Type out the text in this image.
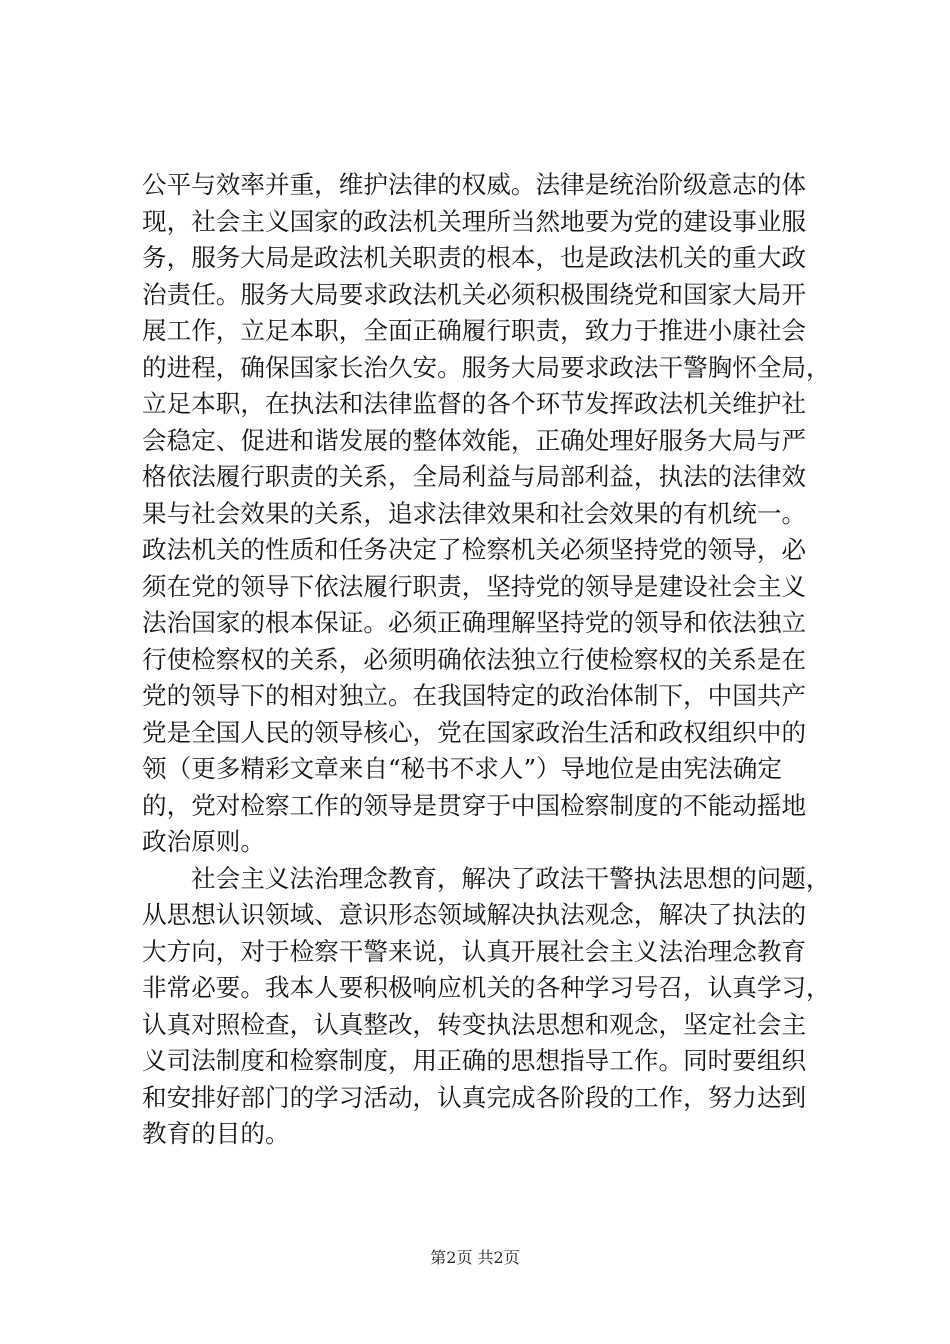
公平与效率并重，维护法律的权威。法律是统治阶级意志的体
现，社会主义国家的政法机关理所当然地要为党的建设事业服
务，服务大局是政法机关职责的根本，也是政法机关的重大政
治责任。服务大局要求政法机关必须积极围绕党和国家大局开
展工作，立足本职，全面正确履行职责，致力于推进小康社会
的进程，确保国家长治久安。服务大局要求政法干警胸怀全局，
立足本职，在执法和法律监督的各个环节发挥政法机关维护社
会稳定、促进和谐发展的整体效能，正确处理好服务大局与严
格依法履行职责的关系，全局利益与局部利益，执法的法律效
果与社会效果的关系，追求法律效果和社会效果的有机统一。
政法机关的性质和任务决定了检察机关必须坚持党的领导，必
须在党的领导下依法履行职责，坚持党的领导是建设社会主义
法治国家的根本保证。必须正确理解坚持党的领导和依法独立
行使检察权的关系，必须明确依法独立行使检察权的关系是在
党的领导下的相对独立。在我国特定的政治体制下，中国共产
党是全国人民的领导核心，党在国家政治生活和政权组织中的
领（更多精彩文章来自“秘书不求人”）导地位是由宪法确定
的，党对检察工作的领导是贯穿于中国检察制度的不能动摇地
政治原则。
社会主义法治理念教育，解决了政法干警执法思想的问题，
从思想认识领域、意识形态领域解决执法观念，解决了执法的
大方向，对于检察干警来说，认真开展社会主义法治理念教育
非常必要。我本人要积极响应机关的各种学习号召，认真学习，
认真对照检查，认真整改，转变执法思想和观念，坚定社会主
义司法制度和检察制度，用正确的思想指导工作。同时要组织
和安排好部门的学习活动，认真完成各阶段的工作，努力达到
教育的目的。
第2页 共2页
